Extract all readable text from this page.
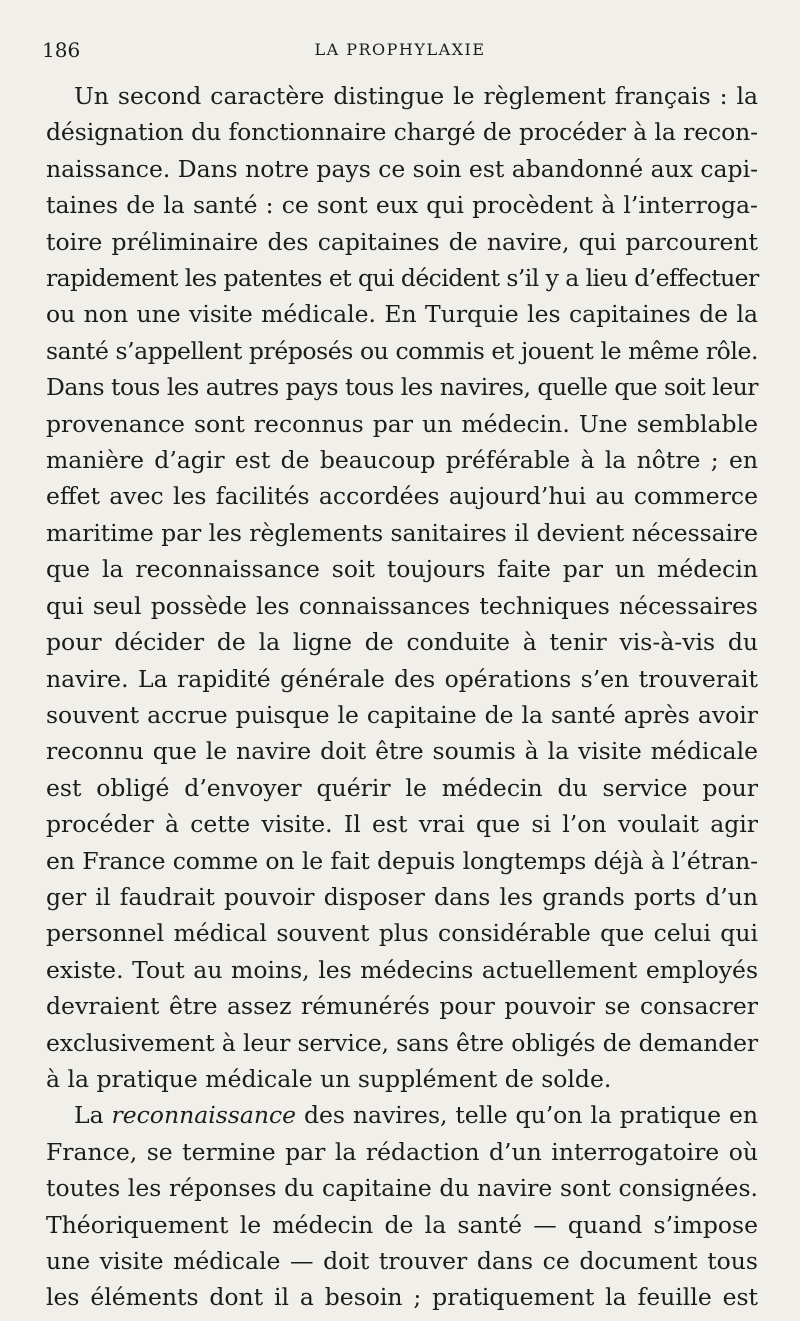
186	LA PROPHYLAXIE
Un second caractère distingue le règlement français : la
désignation du fonctionnaire chargé de procéder à la recon-
naissance. Dans notre pays ce soin est abandonné aux capi-
taines de la santé : ce sont eux qui procèdent à l’interroga-
toire préliminaire des capitaines de navire, qui parcourent
rapidement les patentes et qui décident s’il y a lieu d’effectuer
ou non une visite médicale. En Turquie les capitaines de la
santé s’appellent préposés ou commis et jouent le même rôle.
Dans tous les autres pays tous les navires, quelle que soit leur
provenance sont reconnus par un médecin. Une semblable
manière d’agir est de beaucoup préférable à la nôtre ; en
effet avec les facilités accordées aujourd’hui au commerce
maritime par les règlements sanitaires il devient nécessaire
que la reconnaissance soit toujours faite par un médecin
qui seul possède les connaissances techniques nécessaires
pour décider de la ligne de conduite à tenir vis-à-vis du
navire. La rapidité générale des opérations s’en trouverait
souvent accrue puisque le capitaine de la santé après avoir
reconnu que le navire doit être soumis à la visite médicale
est obligé d’envoyer quérir le médecin du service pour
procéder à cette visite. Il est vrai que si l’on voulait agir
en France comme on le fait depuis longtemps déjà à l’étran-
ger il faudrait pouvoir disposer dans les grands ports d’un
personnel médical souvent plus considérable que celui qui
existe. Tout au moins, les médecins actuellement employés
devraient être assez rémunérés pour pouvoir se consacrer
exclusivement à leur service, sans être obligés de demander
à la pratique médicale un supplément de solde.
La reconnaissance des navires, telle qu’on la pratique en
France, se termine par la rédaction d’un interrogatoire où
toutes les réponses du capitaine du navire sont consignées.
Théoriquement le médecin de la santé — quand s’impose
une visite médicale — doit trouver dans ce document tous
les éléments dont il a besoin ; pratiquement la feuille est
